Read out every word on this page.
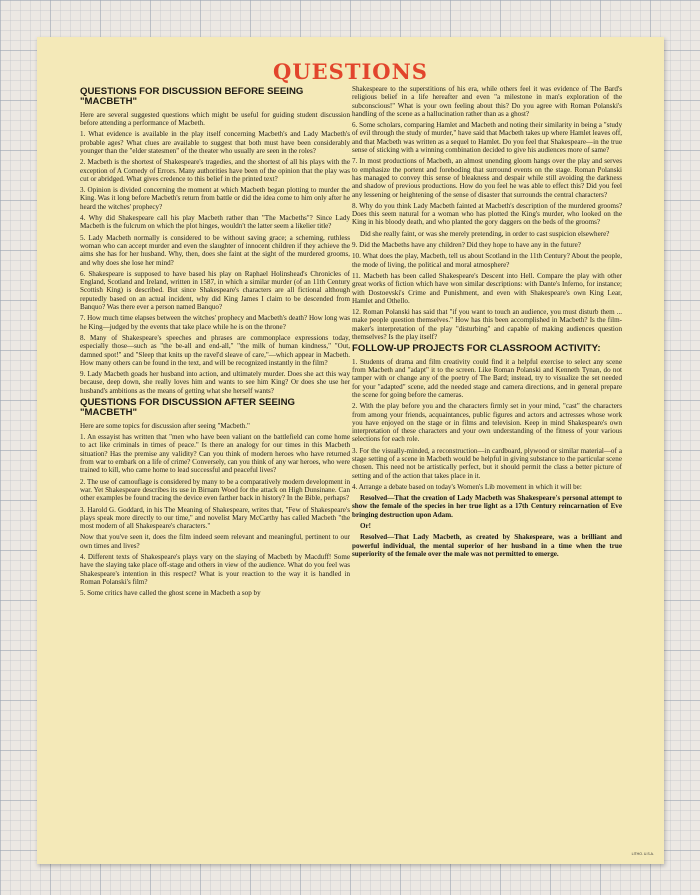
QUESTIONS
QUESTIONS FOR DISCUSSION BEFORE SEEING "MACBETH"

Here are several suggested questions which might be useful for guiding student discussion before attending a performance of Macbeth.

1. What evidence is available in the play itself concerning Macbeth's and Lady Macbeth's probable ages? What clues are available to suggest that both must have been considerably younger than the "elder statesmen" of the theater who usually are seen in the roles?

2. Macbeth is the shortest of Shakespeare's tragedies, and the shortest of all his plays with the exception of A Comedy of Errors. Many authorities have been of the opinion that the play was cut or abridged. What gives credence to this belief in the printed text?

3. Opinion is divided concerning the moment at which Macbeth began plotting to murder the King. Was it long before Macbeth's return from battle or did the idea come to him only after he heard the witches' prophecy?

4. Why did Shakespeare call his play Macbeth rather than "The Macbeths"? Since Lady Macbeth is the fulcrum on which the plot hinges, wouldn't the latter seem a likelier title?

5. Lady Macbeth normally is considered to be without saving grace; a scheming, ruthless woman who can accept murder and even the slaughter of innocent children if they achieve the aims she has for her husband. Why, then, does she faint at the sight of the murdered grooms, and why does she lose her mind?

6. Shakespeare is supposed to have based his play on Raphael Holinshead's Chronicles of England, Scotland and Ireland, written in 1587, in which a similar murder (of an 11th Century Scottish King) is described. But since Shakespeare's characters are all fictional although reputedly based on an actual incident, why did King James I claim to be descended from Banquo? Was there ever a person named Banquo?

7. How much time elapses between the witches' prophecy and Macbeth's death? How long was he King—judged by the events that take place while he is on the throne?

8. Many of Shakespeare's speeches and phrases are commonplace expressions today, especially those—such as "the be-all and end-all," "the milk of human kindness," "Out, damned spot!" and "Sleep that knits up the ravel'd sleave of care,"—which appear in Macbeth. How many others can be found in the text, and will be recognized instantly in the film?

9. Lady Macbeth goads her husband into action, and ultimately murder. Does she act this way because, deep down, she really loves him and wants to see him King? Or does she use her husband's ambitions as the means of getting what she herself wants?

QUESTIONS FOR DISCUSSION AFTER SEEING "MACBETH"

Here are some topics for discussion after seeing "Macbeth."

1. An essayist has written that "men who have been valiant on the battlefield can come home to act like criminals in times of peace." Is there an analogy for our times in this Macbeth situation? Has the premise any validity? Can you think of modern heroes who have returned from war to embark on a life of crime? Conversely, can you think of any war heroes, who were trained to kill, who came home to lead successful and peaceful lives?

2. The use of camouflage is considered by many to be a comparatively modern development in war. Yet Shakespeare describes its use in Birnam Wood for the attack on High Dunsinane. Can other examples be found tracing the device even farther back in history? In the Bible, perhaps?

3. Harold G. Goddard, in his The Meaning of Shakespeare, writes that, "Few of Shakespeare's plays speak more directly to our time," and novelist Mary McCarthy has called Macbeth "the most modern of all Shakespeare's characters."

Now that you've seen it, does the film indeed seem relevant and meaningful, pertinent to our own times and lives?

4. Different texts of Shakespeare's plays vary on the slaying of Macbeth by Macduff! Some have the slaying take place off-stage and others in view of the audience. What do you feel was Shakespeare's intention in this respect? What is your reaction to the way it is handled in Roman Polanski's film?

5. Some critics have called the ghost scene in Macbeth a sop by

Shakespeare to the superstitions of his era, while others feel it was evidence of The Bard's religious belief in a life hereafter and even "a milestone in man's exploration of the subconscious!" What is your own feeling about this? Do you agree with Roman Polanski's handling of the scene as a hallucination rather than as a ghost?

6. Some scholars, comparing Hamlet and Macbeth and noting their similarity in being a "study of evil through the study of murder," have said that Macbeth takes up where Hamlet leaves off, and that Macbeth was written as a sequel to Hamlet. Do you feel that Shakespeare—in the true sense of sticking with a winning combination decided to give his audiences more of same?

7. In most productions of Macbeth, an almost unending gloom hangs over the play and serves to emphasize the portent and foreboding that surround events on the stage. Roman Polanski has managed to convey this sense of bleakness and despair while still avoiding the darkness and shadow of previous productions. How do you feel he was able to effect this? Did you feel any lessening or heightening of the sense of disaster that surrounds the central characters?

8. Why do you think Lady Macbeth fainted at Macbeth's description of the murdered grooms? Does this seem natural for a woman who has plotted the King's murder, who looked on the King in his bloody death, and who planted the gory daggers on the beds of the grooms?

Did she really faint, or was she merely pretending, in order to cast suspicion elsewhere?

9. Did the Macbeths have any children? Did they hope to have any in the future?

10. What does the play, Macbeth, tell us about Scotland in the 11th Century? About the people, the mode of living, the political and moral atmosphere?

11. Macbeth has been called Shakespeare's Descent into Hell. Compare the play with other great works of fiction which have won similar descriptions: with Dante's Inferno, for instance; with Dostoevski's Crime and Punishment, and even with Shakespeare's own King Lear, Hamlet and Othello.

12. Roman Polanski has said that "if you want to touch an audience, you must disturb them ... make people question themselves." How has this been accomplished in Macbeth? Is the film-maker's interpretation of the play "disturbing" and capable of making audiences question themselves? Is the play itself?

FOLLOW-UP PROJECTS FOR CLASSROOM ACTIVITY:

1. Students of drama and film creativity could find it a helpful exercise to select any scene from Macbeth and "adapt" it to the screen. Like Roman Polanski and Kenneth Tynan, do not tamper with or change any of the poetry of The Bard; instead, try to visualize the set needed for your "adapted" scene, add the needed stage and camera directions, and in general prepare the scene for going before the cameras.

2. With the play before you and the characters firmly set in your mind, "cast" the characters from among your friends, acquaintances, public figures and actors and actresses whose work you have enjoyed on the stage or in films and television. Keep in mind Shakespeare's own interpretation of these characters and your own understanding of the fitness of your various selections for each role.

3. For the visually-minded, a reconstruction—in cardboard, plywood or similar material—of a stage setting of a scene in Macbeth would be helpful in giving substance to the particular scene chosen. This need not be artistically perfect, but it should permit the class a better picture of setting and of the action that takes place in it.

4. Arrange a debate based on today's Women's Lib movement in which it will be:

Resolved—That the creation of Lady Macbeth was Shakespeare's personal attempt to show the female of the species in her true light as a 17th Century reincarnation of Eve bringing destruction upon Adam.

Or!

Resolved—That Lady Macbeth, as created by Shakespeare, was a brilliant and powerful individual, the mental superior of her husband in a time when the true superiority of the female over the male was not permitted to emerge.

LITHO. U.S.A.
